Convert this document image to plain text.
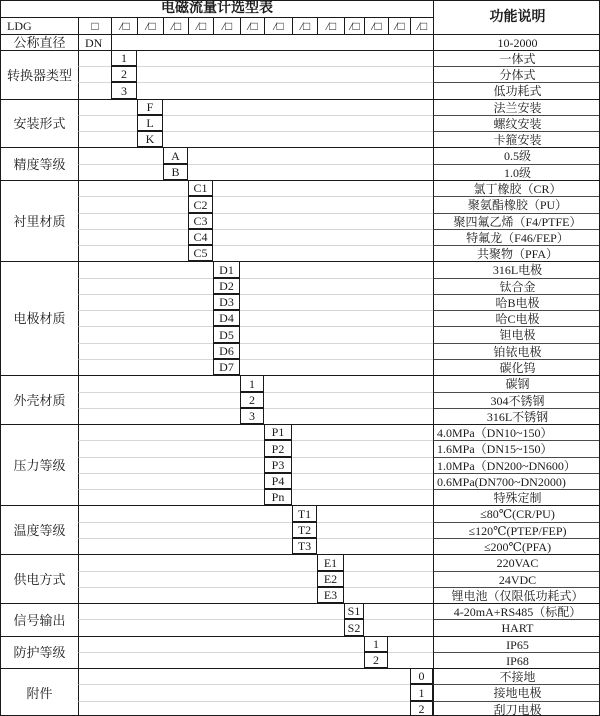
电磁流量计选型表
功能说明
LDG	□	/□	/□	/□	/□	/□	/□	/□	/□	/□	/□ /□	/□ /□
公称直径	DN	10-2000
转换器类型
1	一体式
2	分体式
3	低功耗式
安装形式
F	法兰安装
L	螺纹安装
K	卡箍安装
精度等级
A	0.5级
B	1.0级
衬里材质
C1	氯丁橡胶（CR）
C2	聚氨酯橡胶（PU）
C3	聚四氟乙烯（F4/PTFE）
C4	特氟龙（F46/FEP）
C5	共聚物（PFA）
电极材质
D1	316L电极
D2	钛合金
D3	哈B电极
D4	哈C电极
D5	钽电极
D6	铂铱电极
D7	碳化钨
外壳材质
1	碳钢
2	304不锈钢
3	316L不锈钢
压力等级
P1	4.0MPa（DN10~150）
P2	1.6MPa（DN15~150）
P3	1.0MPa（DN200~DN600）
P4	0.6MPa(DN700~DN2000)
Pn	特殊定制
温度等级
T1	≤80℃(CR/PU)
T2	≤120℃(PTEP/FEP)
T3	≤200℃(PFA)
供电方式
E1	220VAC
E2	24VDC
E3	锂电池（仅限低功耗式）
信号输出
S1	4-20mA+RS485（标配）
S2	HART
防护等级
1	IP65
2	IP68
附件
0	不接地
1	接地电极
2	刮刀电极
